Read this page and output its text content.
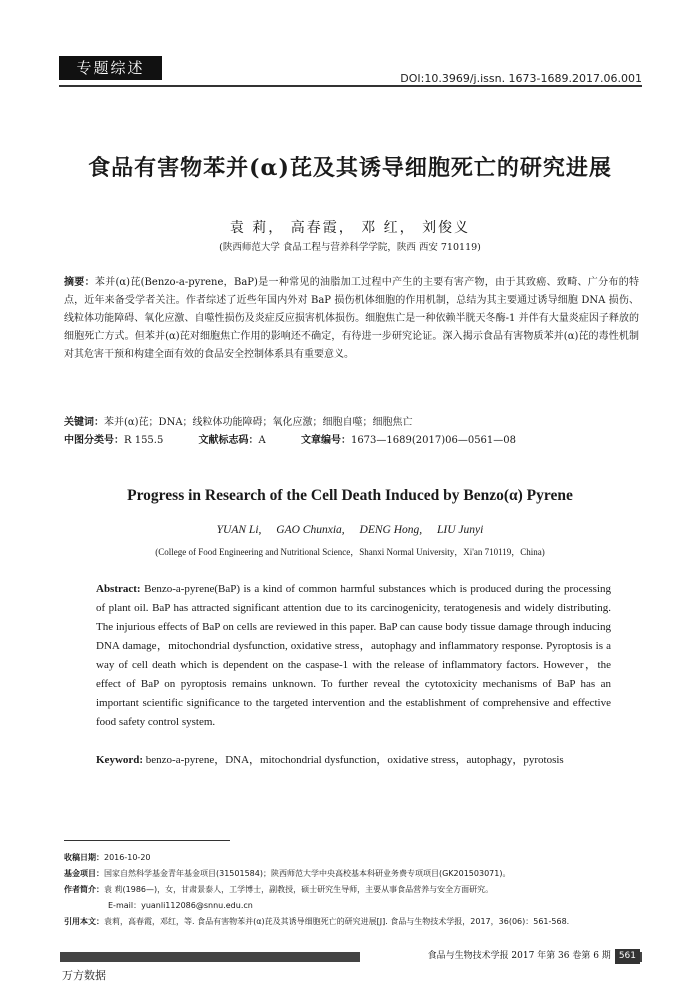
专题综述
DOI:10.3969/j.issn. 1673-1689.2017.06.001
食品有害物苯并(α)芘及其诱导细胞死亡的研究进展
袁 莉， 高春霞， 邓 红， 刘俊义
(陕西师范大学 食品工程与营养科学学院，陕西 西安 710119)
摘要：苯并(α)芘(Benzo-a-pyrene，BaP)是一种常见的油脂加工过程中产生的主要有害产物，由于其致癌、致畸、广分布的特点，近年来备受学者关注。作者综述了近些年国内外对 BaP 损伤机体细胞的作用机制，总结为其主要通过诱导细胞 DNA 损伤、线粒体功能障碍、氧化应激、自噬性损伤及炎症反应损害机体损伤。细胞焦亡是一种依赖半胱天冬酶-1 并伴有大量炎症因子释放的细胞死亡方式。但苯并(α)芘对细胞焦亡作用的影响还不确定，有待进一步研究论证。深入揭示食品有害物质苯并(α)芘的毒性机制对其危害干预和构建全面有效的食品安全控制体系具有重要意义。
关键词：苯并(α)芘；DNA；线粒体功能障碍；氧化应激；细胞自噬；细胞焦亡
中图分类号：R 155.5	文献标志码：A	文章编号：1673—1689(2017)06—0561—08
Progress in Research of the Cell Death Induced by Benzo(α) Pyrene
YUAN Li, GAO Chunxia, DENG Hong, LIU Junyi
(College of Food Engineering and Nutritional Science，Shanxi Normal University，Xi'an 710119，China)
Abstract: Benzo-a-pyrene(BaP) is a kind of common harmful substances which is produced during the processing of plant oil. BaP has attracted significant attention due to its carcinogenicity, teratogenesis and widely distributing. The injurious effects of BaP on cells are reviewed in this paper. BaP can cause body tissue damage through inducing DNA damage，mitochondrial dysfunction, oxidative stress，autophagy and inflammatory response. Pyroptosis is a way of cell death which is dependent on the caspase-1 with the release of inflammatory factors. However，the effect of BaP on pyroptosis remains unknown. To further reveal the cytotoxicity mechanisms of BaP has an important scientific significance to the targeted intervention and the establishment of comprehensive and effective food safety control system.
Keyword: benzo-a-pyrene，DNA，mitochondrial dysfunction，oxidative stress，autophagy，pyrotosis
收稿日期：2016-10-20
基金项目：国家自然科学基金青年基金项目(31501584)；陕西师范大学中央高校基本科研业务费专项项目(GK201503071)。
作者简介：袁 莉(1986—)，女，甘肃景泰人，工学博士，副教授，硕士研究生导师，主要从事食品营养与安全方面研究。
E-mail：yuanli112086@snnu.edu.cn
引用本文：袁莉，高春霞，邓红，等. 食品有害物苯并(α)芘及其诱导细胞死亡的研究进展[J]. 食品与生物技术学报，2017，36(06)：561-568.
食品与生物技术学报 2017 年第 36 卷第 6 期 561
万方数据
